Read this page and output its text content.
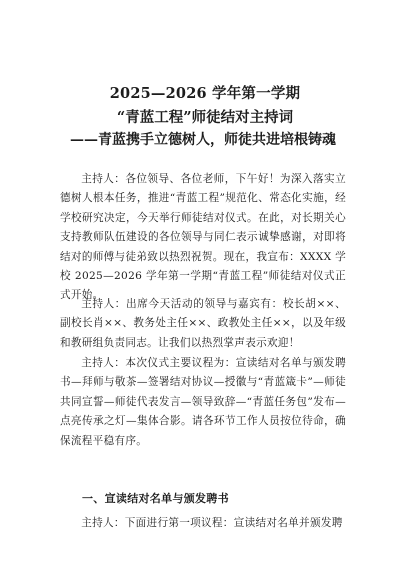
2025—2026 学年第一学期
“青蓝工程”师徒结对主持词
——青蓝携手立德树人，师徒共进培根铸魂
主持人：各位领导、各位老师，下午好！为深入落实立德树人根本任务，推进“青蓝工程”规范化、常态化实施，经学校研究决定，今天举行师徒结对仪式。在此，对长期关心支持教师队伍建设的各位领导与同仁表示诚挚感谢，对即将结对的师傅与徒弟致以热烈祝贺。现在，我宣布：XXXX 学校 2025—2026 学年第一学期“青蓝工程”师徒结对仪式正式开始。
主持人：出席今天活动的领导与嘉宾有：校长胡××、副校长肖××、教务处主任××、政教处主任××，以及年级和教研组负责同志。让我们以热烈掌声表示欢迎！
主持人：本次仪式主要议程为：宣读结对名单与颁发聘书—拜师与敬茶—签署结对协议—授徽与“青蓝箴卡”—师徒共同宣誓—师徒代表发言—领导致辞—“青蓝任务包”发布—点亮传承之灯—集体合影。请各环节工作人员按位待命，确保流程平稳有序。
一、宣读结对名单与颁发聘书
主持人：下面进行第一项议程：宣读结对名单并颁发聘
